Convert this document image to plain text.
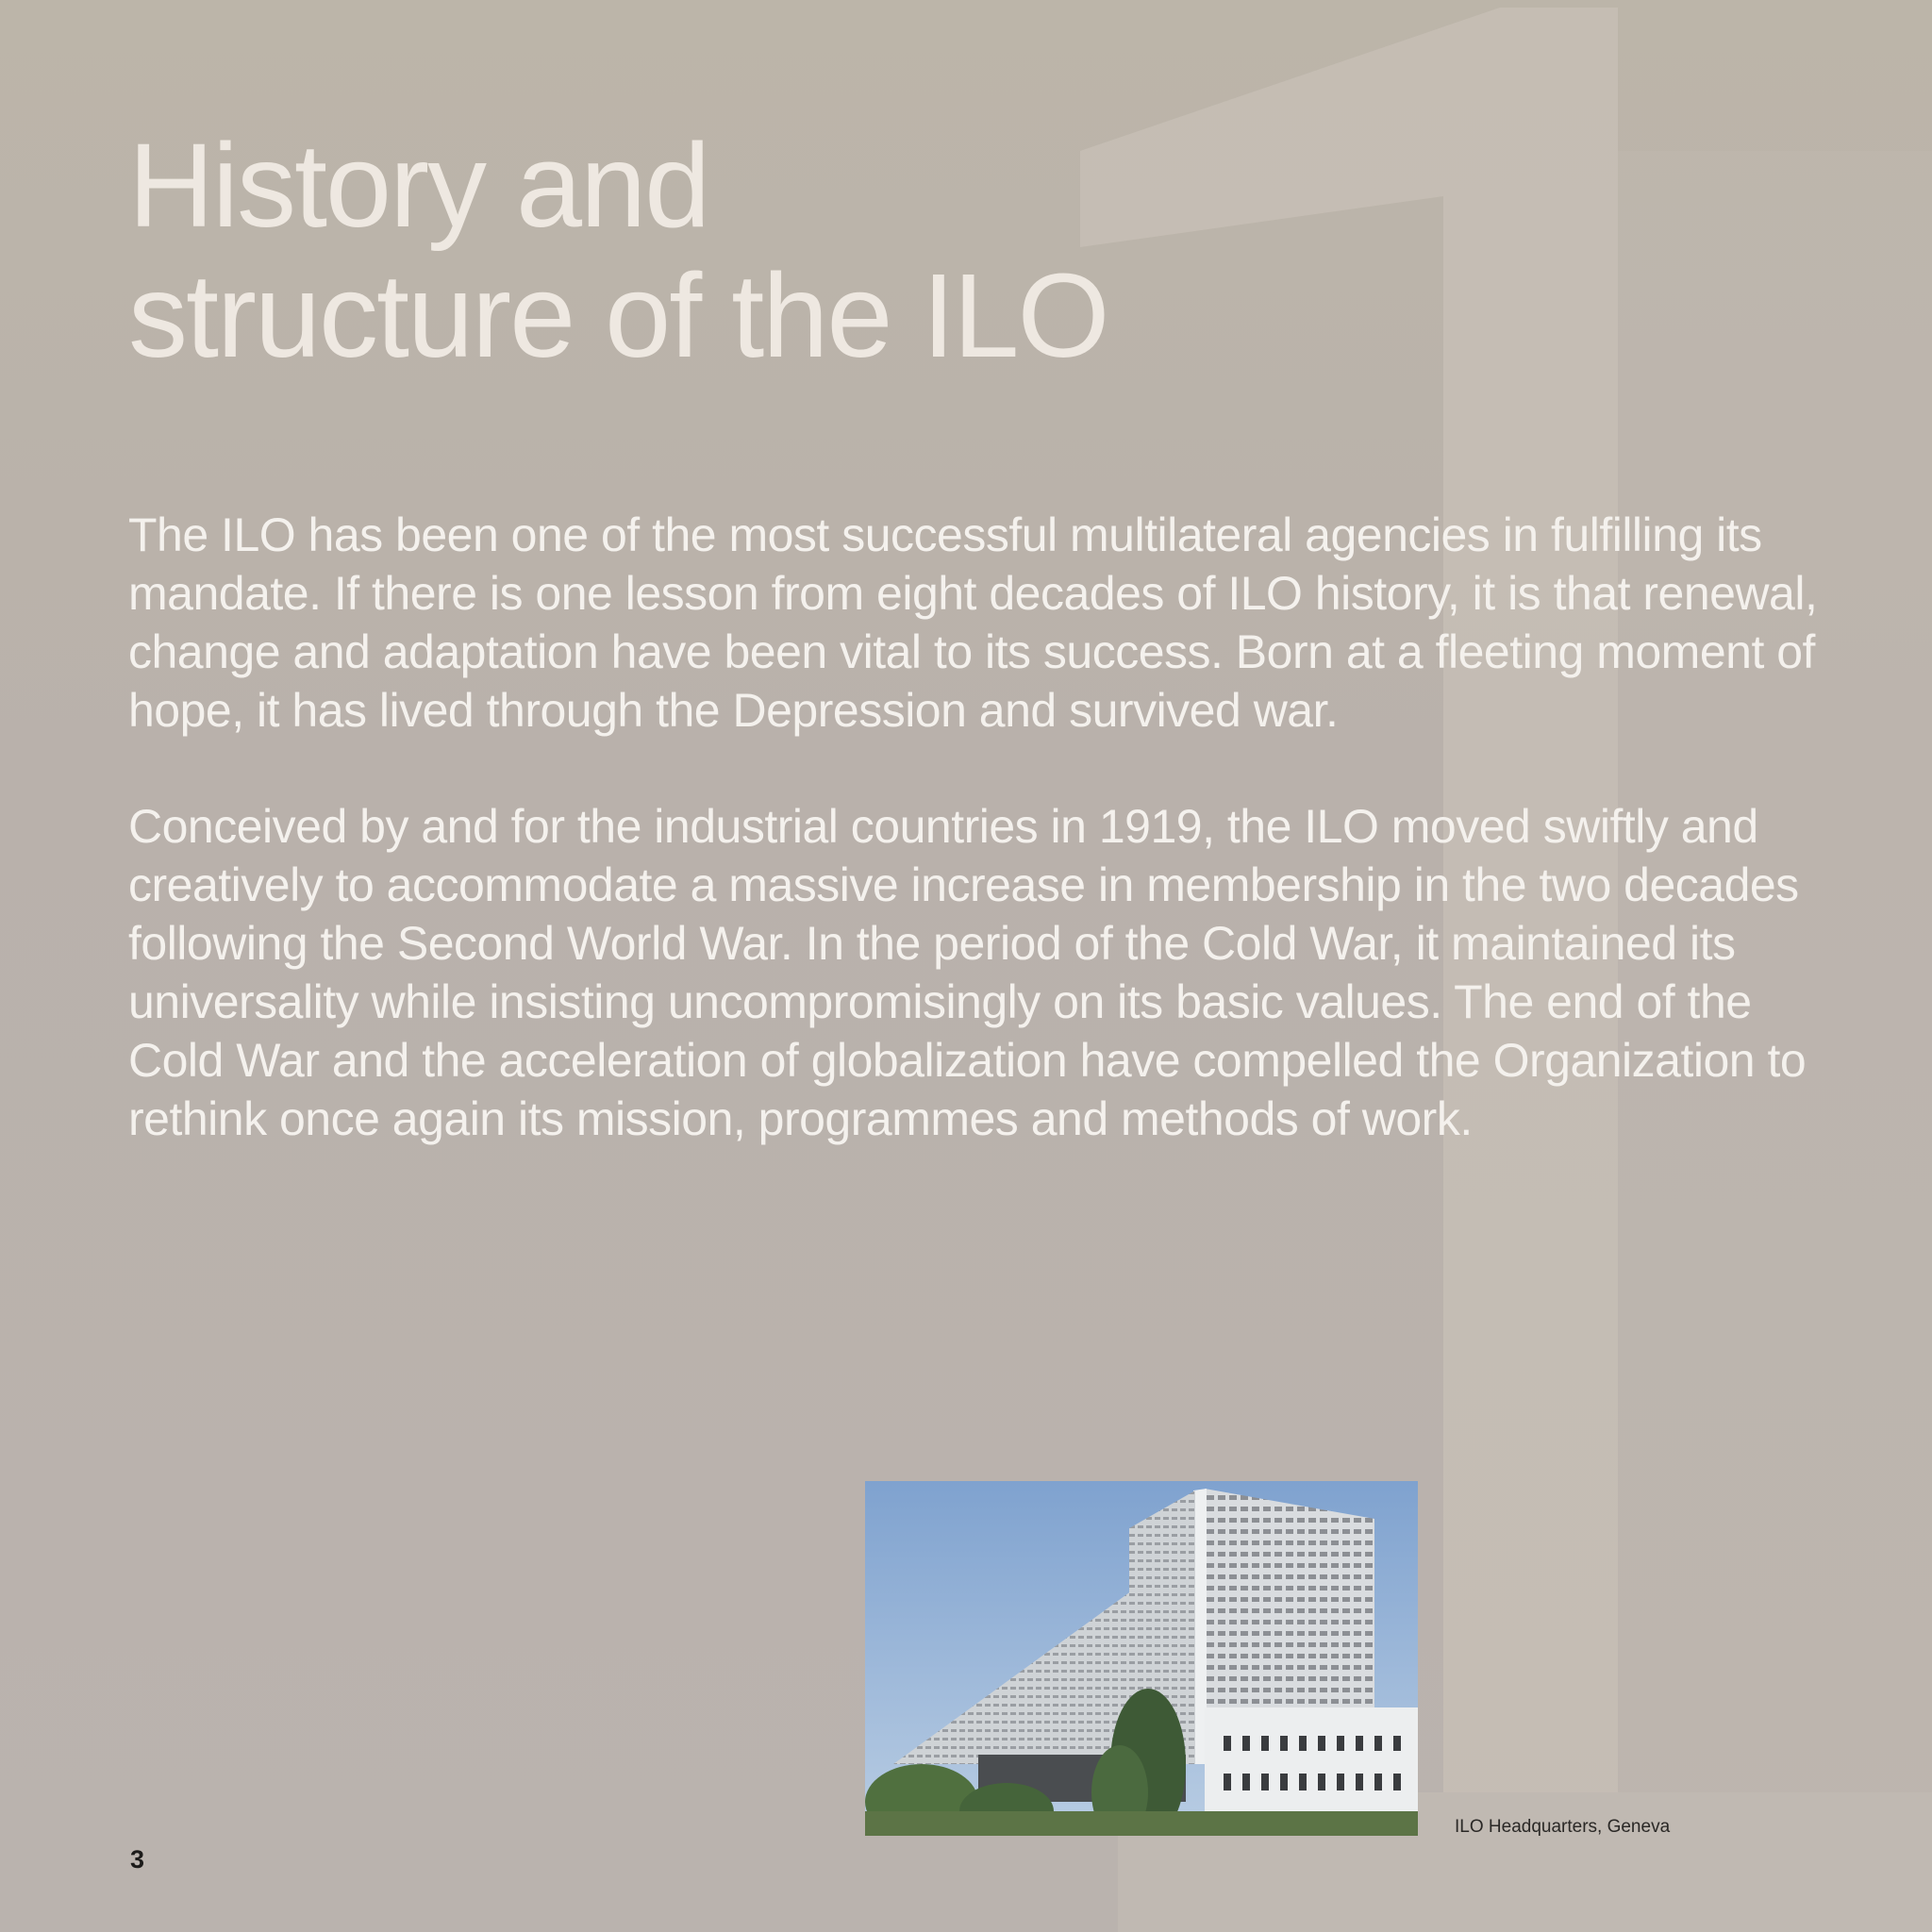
History and
structure of the ILO

The ILO has been one of the most successful multilateral agencies in fulfilling its mandate. If there is one lesson from eight decades of ILO history, it is that renewal, change and adaptation have been vital to its success. Born at a fleeting moment of hope, it has lived through the Depression and survived war.

Conceived by and for the industrial countries in 1919, the ILO moved swiftly and creatively to accommodate a massive increase in membership in the two decades following the Second World War. In the period of the Cold War, it maintained its universality while insisting uncompromisingly on its basic values. The end of the Cold War and the acceleration of globalization have compelled the Organization to rethink once again its mission, programmes and methods of work.

ILO Headquarters, Geneva
3
